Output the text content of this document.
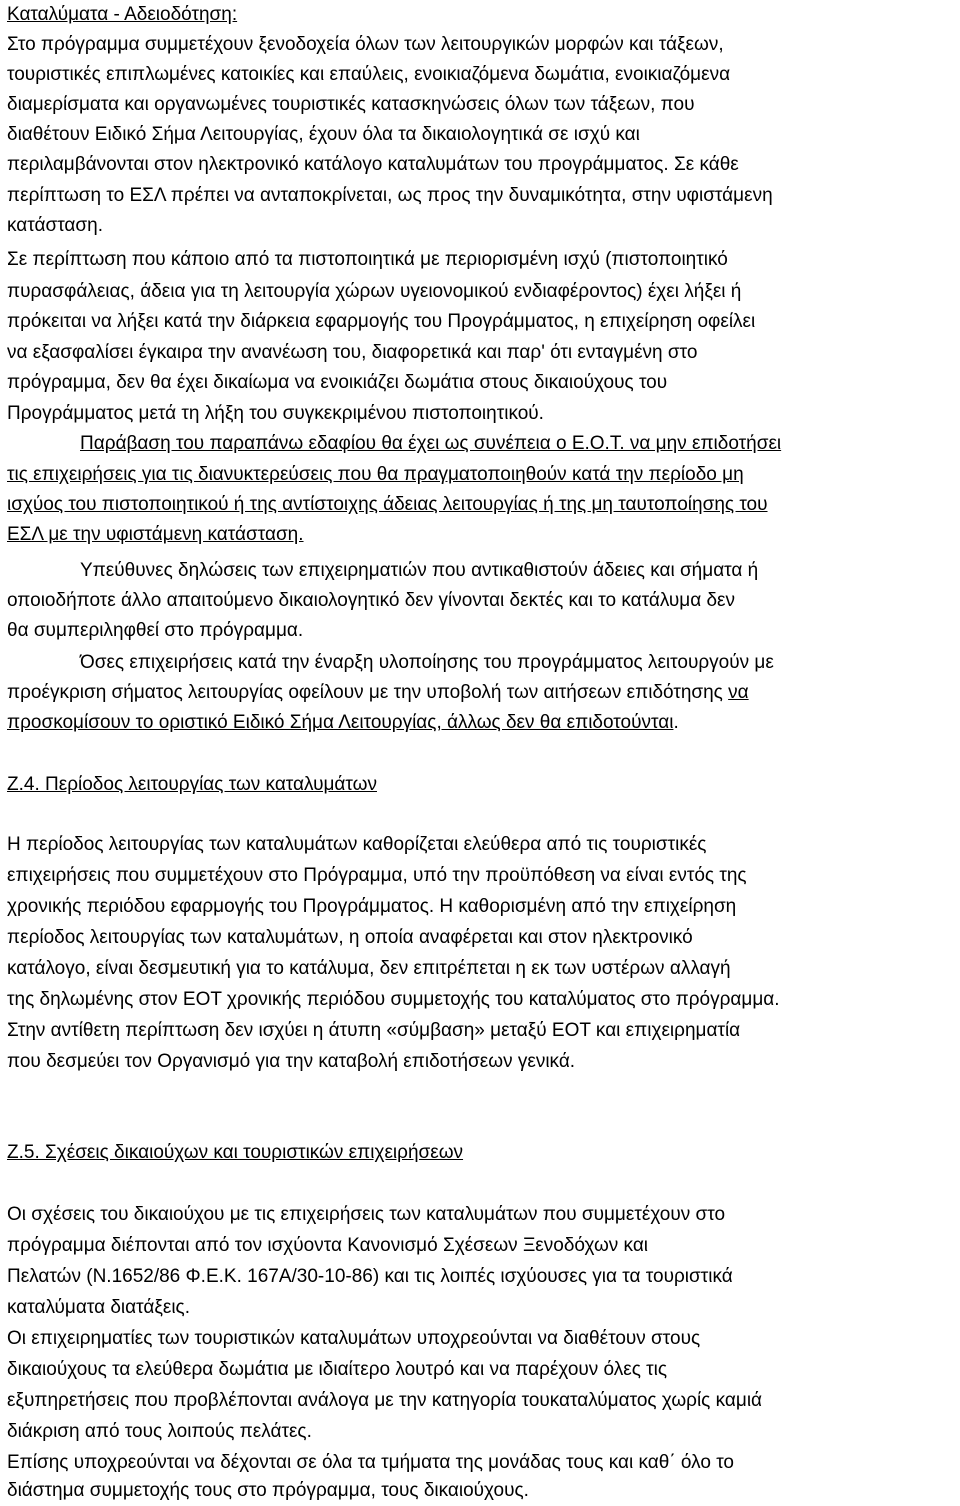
Καταλύματα - Αδειοδότηση:
Στο πρόγραμμα συμμετέχουν ξενοδοχεία όλων των λειτουργικών μορφών και τάξεων,
τουριστικές επιπλωμένες κατοικίες και επαύλεις, ενοικιαζόμενα δωμάτια, ενοικιαζόμενα
διαμερίσματα και οργανωμένες τουριστικές κατασκηνώσεις όλων των τάξεων, που
διαθέτουν Ειδικό Σήμα Λειτουργίας, έχουν όλα τα δικαιολογητικά σε ισχύ και
περιλαμβάνονται στον ηλεκτρονικό κατάλογο καταλυμάτων του προγράμματος. Σε κάθε
περίπτωση το ΕΣΛ πρέπει να ανταποκρίνεται, ως προς την δυναμικότητα, στην υφιστάμενη
κατάσταση.
Σε περίπτωση που κάποιο από τα πιστοποιητικά με περιορισμένη ισχύ (πιστοποιητικό
πυρασφάλειας, άδεια για τη λειτουργία χώρων υγειονομικού ενδιαφέροντος) έχει λήξει ή
πρόκειται να λήξει κατά την διάρκεια εφαρμογής του Προγράμματος, η επιχείρηση οφείλει
να εξασφαλίσει έγκαιρα την ανανέωση του, διαφορετικά και παρ' ότι ενταγμένη στο
πρόγραμμα, δεν θα έχει δικαίωμα να ενοικιάζει δωμάτια στους δικαιούχους του
Προγράμματος μετά τη λήξη του συγκεκριμένου πιστοποιητικού.
Παράβαση του παραπάνω εδαφίου θα έχει ως συνέπεια ο Ε.Ο.Τ. να μην επιδοτήσει
τις επιχειρήσεις για τις διανυκτερεύσεις που θα πραγματοποιηθούν κατά την περίοδο μη
ισχύος του πιστοποιητικού ή της αντίστοιχης άδειας λειτουργίας ή της μη ταυτοποίησης του
ΕΣΛ με την υφιστάμενη κατάσταση.
Υπεύθυνες δηλώσεις των επιχειρηματιών που αντικαθιστούν άδειες και σήματα ή
οποιοδήποτε άλλο απαιτούμενο δικαιολογητικό δεν γίνονται δεκτές και το κατάλυμα δεν
θα συμπεριληφθεί στο πρόγραμμα.
Όσες επιχειρήσεις κατά την έναρξη υλοποίησης του προγράμματος λειτουργούν με
προέγκριση σήματος λειτουργίας οφείλουν με την υποβολή των αιτήσεων επιδότησης να
προσκομίσουν το οριστικό Ειδικό Σήμα Λειτουργίας, άλλως δεν θα επιδοτούνται.
Ζ.4. Περίοδος λειτουργίας των καταλυμάτων
Η περίοδος λειτουργίας των καταλυμάτων καθορίζεται ελεύθερα από τις τουριστικές
επιχειρήσεις που συμμετέχουν στο Πρόγραμμα, υπό την προϋπόθεση να είναι εντός της
χρονικής περιόδου εφαρμογής του Προγράμματος. Η καθορισμένη από την επιχείρηση
περίοδος λειτουργίας των καταλυμάτων, η οποία αναφέρεται και στον ηλεκτρονικό
κατάλογο, είναι δεσμευτική για το κατάλυμα, δεν επιτρέπεται η εκ των υστέρων αλλαγή
της δηλωμένης στον ΕΟΤ χρονικής περιόδου συμμετοχής του καταλύματος στο πρόγραμμα.
Στην αντίθετη περίπτωση δεν ισχύει η άτυπη «σύμβαση» μεταξύ ΕΟΤ και επιχειρηματία
που δεσμεύει τον Οργανισμό για την καταβολή επιδοτήσεων γενικά.
Ζ.5. Σχέσεις δικαιούχων και τουριστικών επιχειρήσεων
Οι σχέσεις του δικαιούχου με τις επιχειρήσεις των καταλυμάτων που συμμετέχουν στο
πρόγραμμα διέπονται από τον ισχύοντα Κανονισμό Σχέσεων Ξενοδόχων και
Πελατών (Ν.1652/86 Φ.Ε.Κ. 167Α/30-10-86) και τις λοιπές ισχύουσες για τα τουριστικά
καταλύματα διατάξεις.
Οι επιχειρηματίες των τουριστικών καταλυμάτων υποχρεούνται να διαθέτουν στους
δικαιούχους τα ελεύθερα δωμάτια με ιδιαίτερο λουτρό και να παρέχουν όλες τις
εξυπηρετήσεις που προβλέπονται ανάλογα με την κατηγορία τουκαταλύματος χωρίς καμιά
διάκριση από τους λοιπούς πελάτες.
Επίσης υποχρεούνται να δέχονται σε όλα τα τμήματα της μονάδας τους και καθ΄ όλο το
διάστημα συμμετοχής τους στο πρόγραμμα, τους δικαιούχους.
